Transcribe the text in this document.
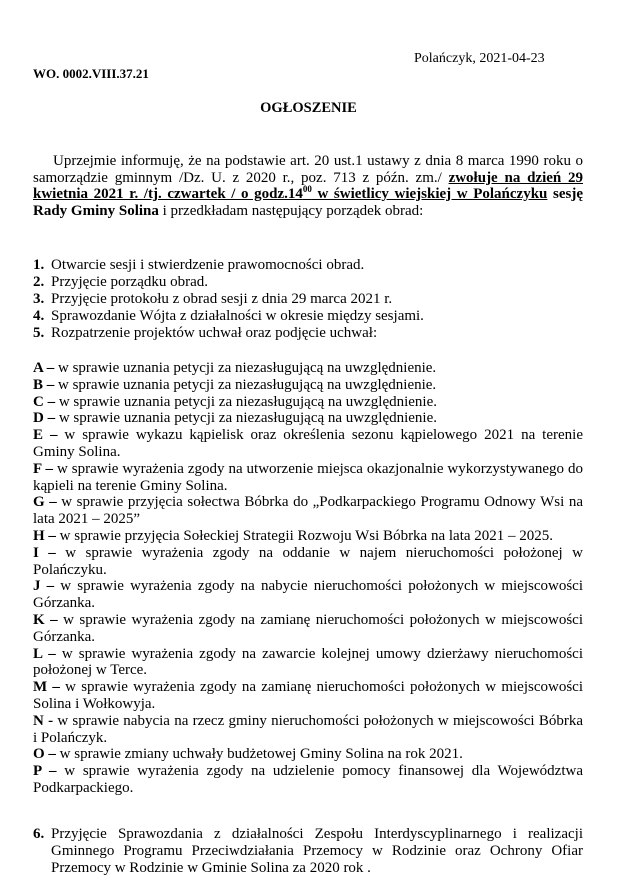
Polańczyk, 2021-04-23
WO. 0002.VIII.37.21
OGŁOSZENIE
Uprzejmie informuję, że na podstawie art. 20 ust.1 ustawy z dnia 8 marca 1990 roku o samorządzie gminnym /Dz. U. z 2020 r., poz. 713 z późn. zm./ zwołuje na dzień 29 kwietnia 2021 r. /tj. czwartek / o $godz.14^{00}$ w świetlicy wiejskiej w Polańczyku sesję Rady Gminy Solina i przedkładam następujący porządek obrad:
1. Otwarcie sesji i stwierdzenie prawomocności obrad.
2. Przyjęcie porządku obrad.
3. Przyjęcie protokołu z obrad sesji z dnia 29 marca 2021 r.
4. Sprawozdanie Wójta z działalności w okresie między sesjami.
5. Rozpatrzenie projektów uchwał oraz podjęcie uchwał:
A – w sprawie uznania petycji za niezasługującą na uwzględnienie.
B – w sprawie uznania petycji za niezasługującą na uwzględnienie.
C – w sprawie uznania petycji za niezasługującą na uwzględnienie.
D – w sprawie uznania petycji za niezasługującą na uwzględnienie.
E – w sprawie wykazu kąpielisk oraz określenia sezonu kąpielowego 2021 na terenie Gminy Solina.
F – w sprawie wyrażenia zgody na utworzenie miejsca okazjonalnie wykorzystywanego do kąpieli na terenie Gminy Solina.
G – w sprawie przyjęcia sołectwa Bóbrka do „Podkarpackiego Programu Odnowy Wsi na lata 2021 – 2025”
H – w sprawie przyjęcia Sołeckiej Strategii Rozwoju Wsi Bóbrka na lata 2021 – 2025.
I – w sprawie wyrażenia zgody na oddanie w najem nieruchomości położonej w Polańczyku.
J – w sprawie wyrażenia zgody na nabycie nieruchomości położonych w miejscowości Górzanka.
K – w sprawie wyrażenia zgody na zamianę nieruchomości położonych w miejscowości Górzanka.
L – w sprawie wyrażenia zgody na zawarcie kolejnej umowy dzierżawy nieruchomości położonej w Terce.
M – w sprawie wyrażenia zgody na zamianę nieruchomości położonych w miejscowości Solina i Wołkowyja.
N - w sprawie nabycia na rzecz gminy nieruchomości położonych w miejscowości Bóbrka i Polańczyk.
O – w sprawie zmiany uchwały budżetowej Gminy Solina na rok 2021.
P – w sprawie wyrażenia zgody na udzielenie pomocy finansowej dla Województwa Podkarpackiego.
6. Przyjęcie Sprawozdania z działalności Zespołu Interdyscyplinarnego i realizacji Gminnego Programu Przeciwdziałania Przemocy w Rodzinie oraz Ochrony Ofiar Przemocy w Rodzinie w Gminie Solina za 2020 rok .
